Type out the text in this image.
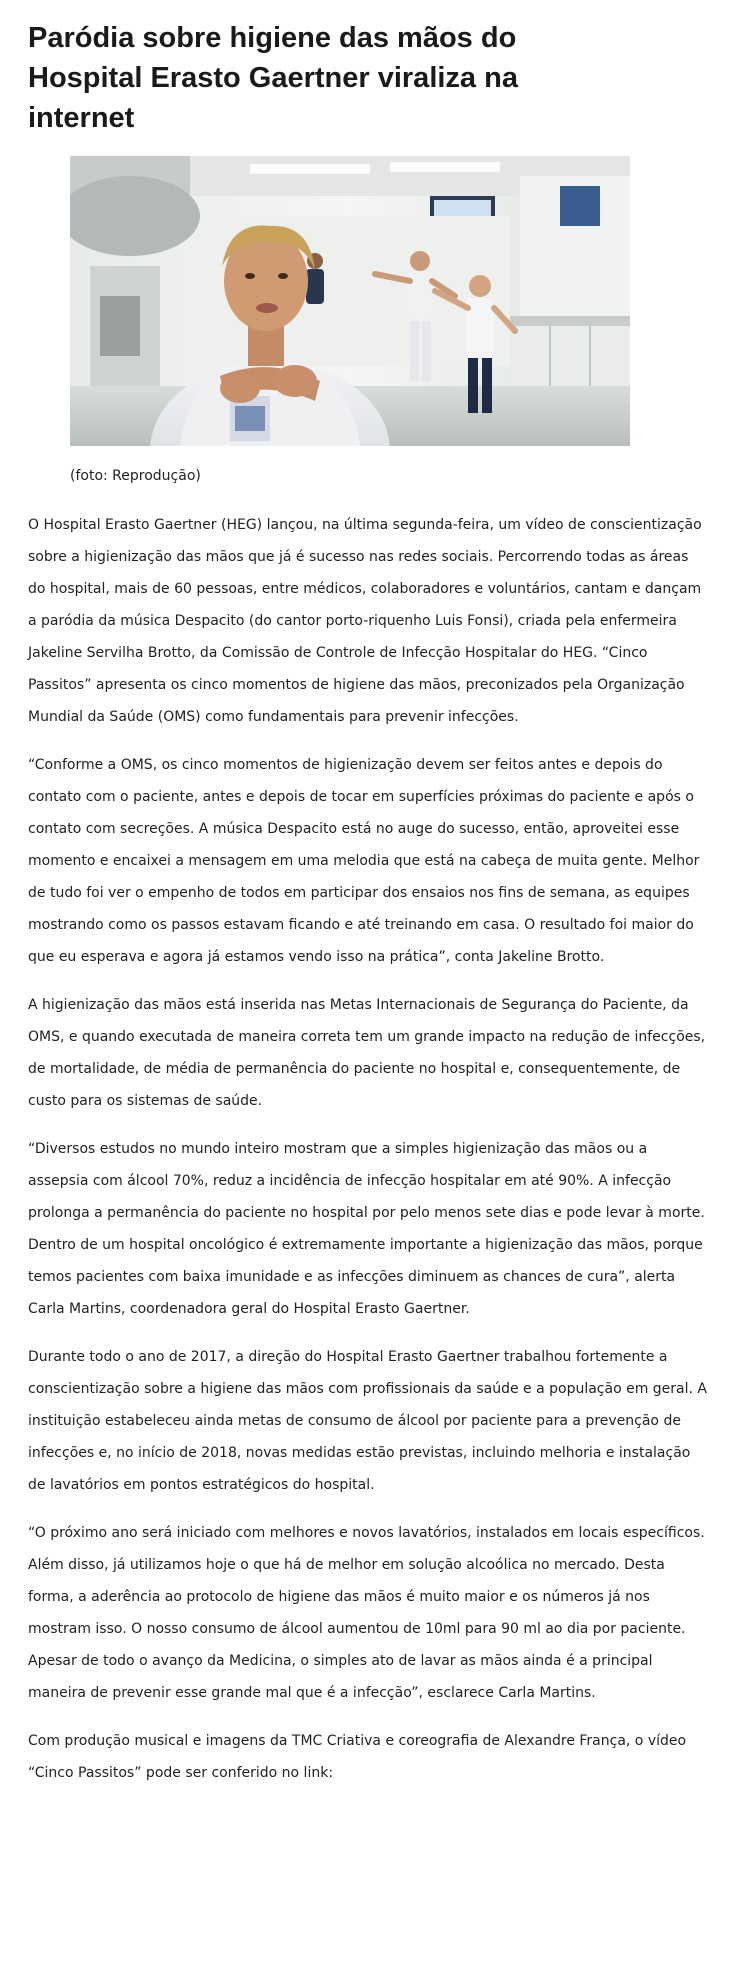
Paródia sobre higiene das mãos do Hospital Erasto Gaertner viraliza na internet
(foto: Reprodução)

O Hospital Erasto Gaertner (HEG) lançou, na última segunda-feira, um vídeo de conscientização sobre a higienização das mãos que já é sucesso nas redes sociais. Percorrendo todas as áreas do hospital, mais de 60 pessoas, entre médicos, colaboradores e voluntários, cantam e dançam a paródia da música Despacito (do cantor porto-riquenho Luis Fonsi), criada pela enfermeira Jakeline Servilha Brotto, da Comissão de Controle de Infecção Hospitalar do HEG. “Cinco Passitos” apresenta os cinco momentos de higiene das mãos, preconizados pela Organização Mundial da Saúde (OMS) como fundamentais para prevenir infecções.

“Conforme a OMS, os cinco momentos de higienização devem ser feitos antes e depois do contato com o paciente, antes e depois de tocar em superfícies próximas do paciente e após o contato com secreções. A música Despacito está no auge do sucesso, então, aproveitei esse momento e encaixei a mensagem em uma melodia que está na cabeça de muita gente. Melhor de tudo foi ver o empenho de todos em participar dos ensaios nos fins de semana, as equipes mostrando como os passos estavam ficando e até treinando em casa. O resultado foi maior do que eu esperava e agora já estamos vendo isso na prática”, conta Jakeline Brotto.

A higienização das mãos está inserida nas Metas Internacionais de Segurança do Paciente, da OMS, e quando executada de maneira correta tem um grande impacto na redução de infecções, de mortalidade, de média de permanência do paciente no hospital e, consequentemente, de custo para os sistemas de saúde.

“Diversos estudos no mundo inteiro mostram que a simples higienização das mãos ou a assepsia com álcool 70%, reduz a incidência de infecção hospitalar em até 90%. A infecção prolonga a permanência do paciente no hospital por pelo menos sete dias e pode levar à morte. Dentro de um hospital oncológico é extremamente importante a higienização das mãos, porque temos pacientes com baixa imunidade e as infecções diminuem as chances de cura”, alerta Carla Martins, coordenadora geral do Hospital Erasto Gaertner.

Durante todo o ano de 2017, a direção do Hospital Erasto Gaertner trabalhou fortemente a conscientização sobre a higiene das mãos com profissionais da saúde e a população em geral. A instituição estabeleceu ainda metas de consumo de álcool por paciente para a prevenção de infecções e, no início de 2018, novas medidas estão previstas, incluindo melhoria e instalação de lavatórios em pontos estratégicos do hospital.

“O próximo ano será iniciado com melhores e novos lavatórios, instalados em locais específicos. Além disso, já utilizamos hoje o que há de melhor em solução alcoólica no mercado. Desta forma, a aderência ao protocolo de higiene das mãos é muito maior e os números já nos mostram isso. O nosso consumo de álcool aumentou de 10ml para 90 ml ao dia por paciente. Apesar de todo o avanço da Medicina, o simples ato de lavar as mãos ainda é a principal maneira de prevenir esse grande mal que é a infecção”, esclarece Carla Martins.

Com produção musical e imagens da TMC Criativa e coreografia de Alexandre França, o vídeo “Cinco Passitos” pode ser conferido no link:
